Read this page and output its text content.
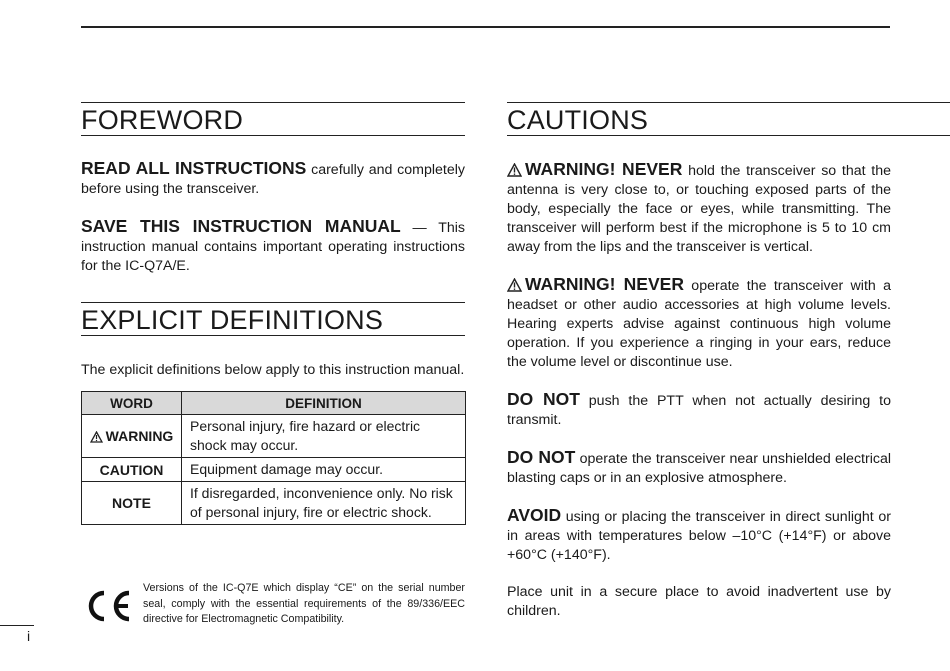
FOREWORD

READ ALL INSTRUCTIONS carefully and completely before using the transceiver.

SAVE THIS INSTRUCTION MANUAL — This instruction manual contains important operating instructions for the IC-Q7A/E.

EXPLICIT DEFINITIONS

The explicit definitions below apply to this instruction manual.

WORD	DEFINITION
WARNING	Personal injury, fire hazard or electric shock may occur.
CAUTION	Equipment damage may occur.
NOTE	If disregarded, inconvenience only. No risk of personal injury, fire or electric shock.

Versions of the IC-Q7E which display “CE” on the serial number seal, comply with the essential requirements of the 89/336/EEC directive for Electromagnetic Compatibility.

CAUTIONS

WARNING! NEVER hold the transceiver so that the antenna is very close to, or touching exposed parts of the body, especially the face or eyes, while transmitting. The transceiver will perform best if the microphone is 5 to 10 cm away from the lips and the transceiver is vertical.

WARNING! NEVER operate the transceiver with a headset or other audio accessories at high volume levels. Hearing experts advise against continuous high volume operation. If you experience a ringing in your ears, reduce the volume level or discontinue use.

DO NOT push the PTT when not actually desiring to transmit.

DO NOT operate the transceiver near unshielded electrical blasting caps or in an explosive atmosphere.

AVOID using or placing the transceiver in direct sunlight or in areas with temperatures below –10°C (+14°F) or above +60°C (+140°F).

Place unit in a secure place to avoid inadvertent use by children.

i
